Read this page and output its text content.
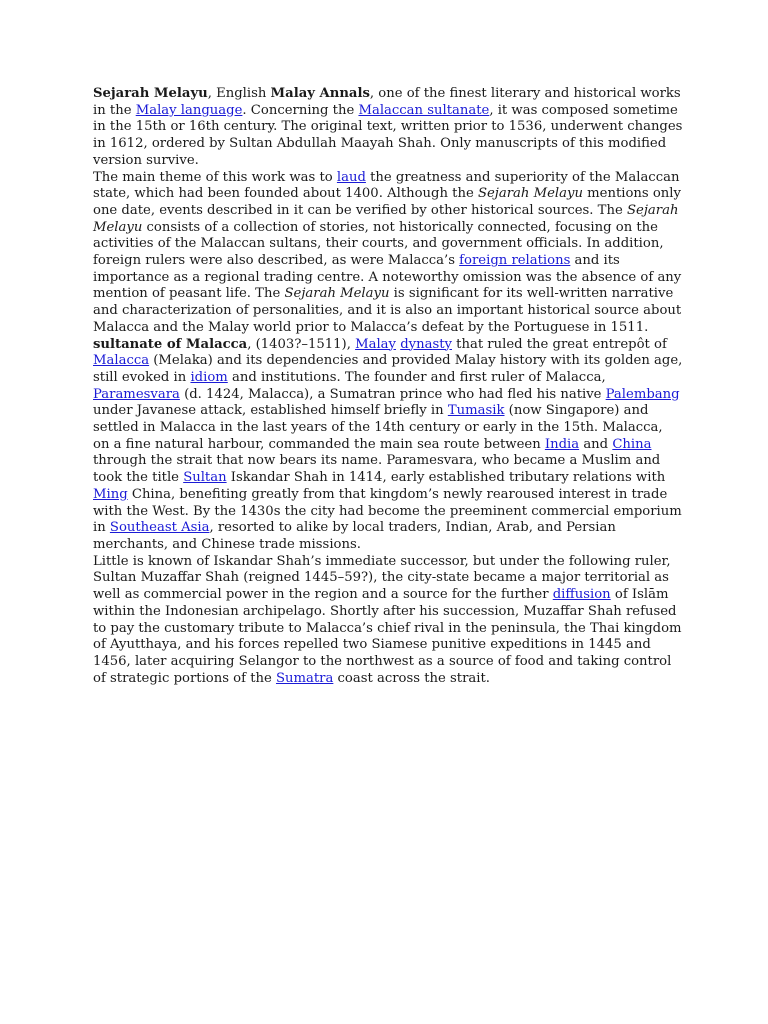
Sejarah Melayu, English Malay Annals, one of the finest literary and historical works in the Malay language. Concerning the Malaccan sultanate, it was composed sometime in the 15th or 16th century. The original text, written prior to 1536, underwent changes in 1612, ordered by Sultan Abdullah Maayah Shah. Only manuscripts of this modified version survive.

The main theme of this work was to laud the greatness and superiority of the Malaccan state, which had been founded about 1400. Although the Sejarah Melayu mentions only one date, events described in it can be verified by other historical sources. The Sejarah Melayu consists of a collection of stories, not historically connected, focusing on the activities of the Malaccan sultans, their courts, and government officials. In addition, foreign rulers were also described, as were Malacca’s foreign relations and its importance as a regional trading centre. A noteworthy omission was the absence of any mention of peasant life. The Sejarah Melayu is significant for its well-written narrative and characterization of personalities, and it is also an important historical source about Malacca and the Malay world prior to Malacca’s defeat by the Portuguese in 1511.

sultanate of Malacca, (1403?–1511), Malay dynasty that ruled the great entrepôt of Malacca (Melaka) and its dependencies and provided Malay history with its golden age, still evoked in idiom and institutions. The founder and first ruler of Malacca, Paramesvara (d. 1424, Malacca), a Sumatran prince who had fled his native Palembang under Javanese attack, established himself briefly in Tumasik (now Singapore) and settled in Malacca in the last years of the 14th century or early in the 15th. Malacca, on a fine natural harbour, commanded the main sea route between India and China through the strait that now bears its name. Paramesvara, who became a Muslim and took the title Sultan Iskandar Shah in 1414, early established tributary relations with Ming China, benefiting greatly from that kingdom’s newly rearoused interest in trade with the West. By the 1430s the city had become the preeminent commercial emporium in Southeast Asia, resorted to alike by local traders, Indian, Arab, and Persian merchants, and Chinese trade missions.

Little is known of Iskandar Shah’s immediate successor, but under the following ruler, Sultan Muzaffar Shah (reigned 1445–59?), the city-state became a major territorial as well as commercial power in the region and a source for the further diffusion of Islām within the Indonesian archipelago. Shortly after his succession, Muzaffar Shah refused to pay the customary tribute to Malacca’s chief rival in the peninsula, the Thai kingdom of Ayutthaya, and his forces repelled two Siamese punitive expeditions in 1445 and 1456, later acquiring Selangor to the northwest as a source of food and taking control of strategic portions of the Sumatra coast across the strait.
